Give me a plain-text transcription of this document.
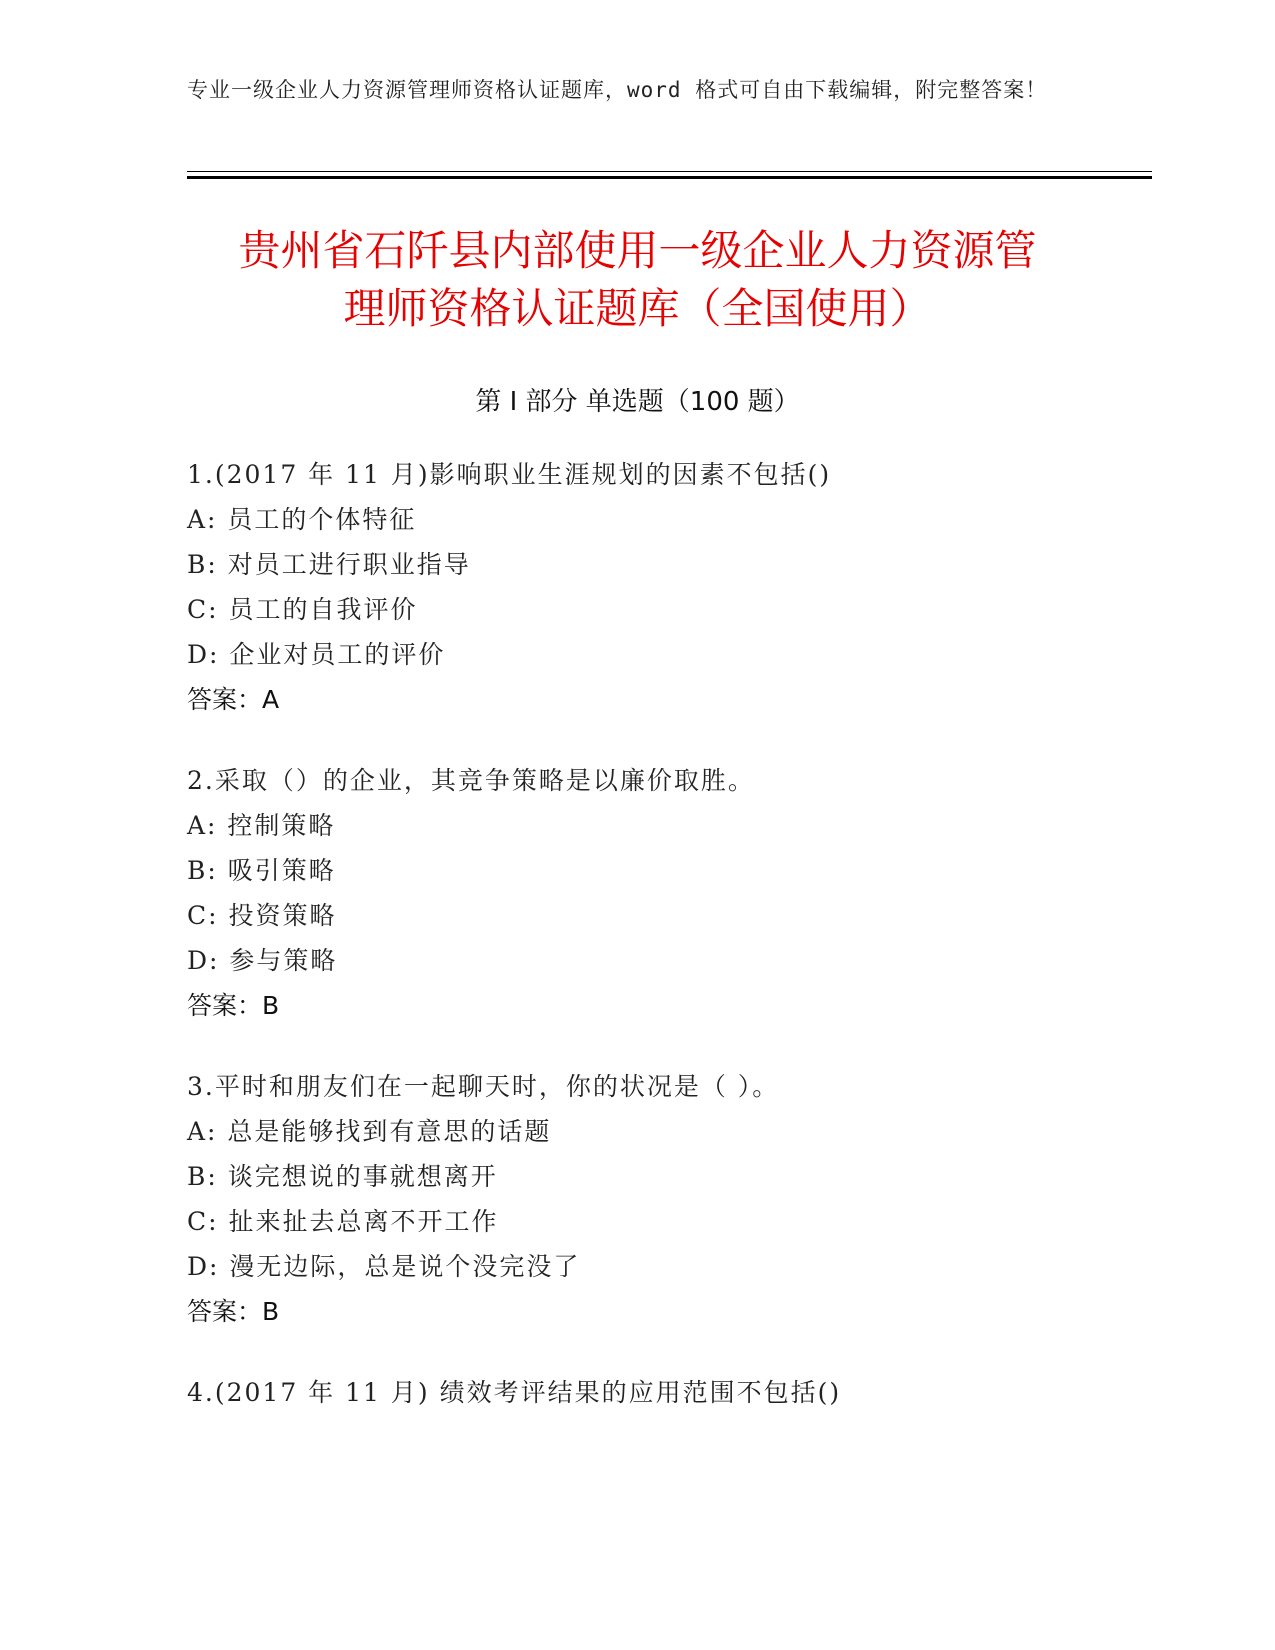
专业一级企业人力资源管理师资格认证题库，word 格式可自由下载编辑，附完整答案！
贵州省石阡县内部使用一级企业人力资源管
理师资格认证题库（全国使用）
第 I 部分 单选题（100 题）
1.(2017 年 11 月)影响职业生涯规划的因素不包括()
A: 员工的个体特征
B: 对员工进行职业指导
C: 员工的自我评价
D: 企业对员工的评价
答案：A
2.采取（）的企业，其竞争策略是以廉价取胜。
A: 控制策略
B: 吸引策略
C: 投资策略
D: 参与策略
答案：B
3.平时和朋友们在一起聊天时，你的状况是（ ）。
A: 总是能够找到有意思的话题
B: 谈完想说的事就想离开
C: 扯来扯去总离不开工作
D: 漫无边际，总是说个没完没了
答案：B
4.(2017 年 11 月) 绩效考评结果的应用范围不包括()
